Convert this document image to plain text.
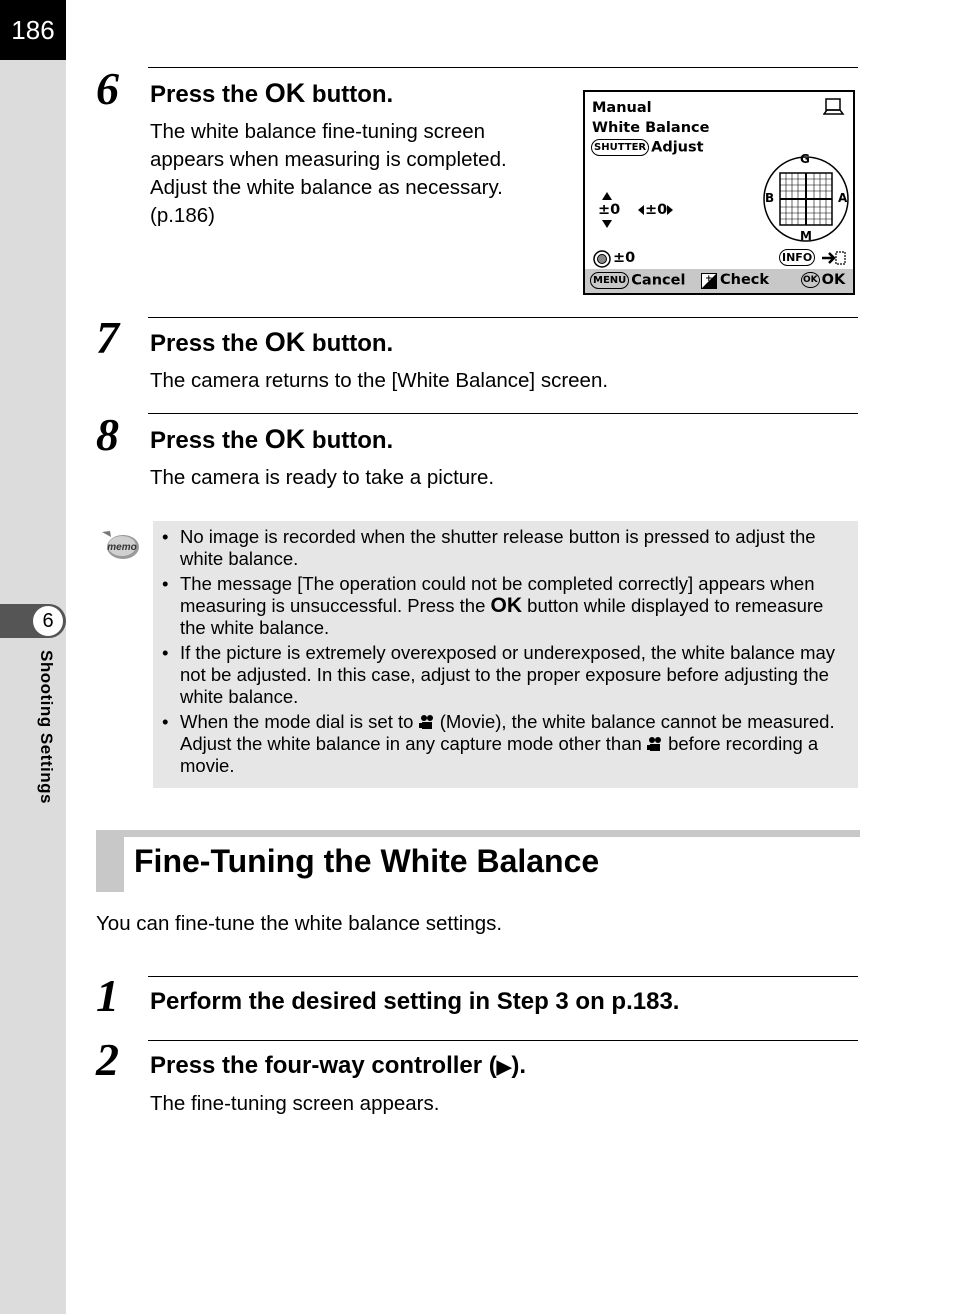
186
6
Shooting Settings
6 Press the OK button.
The white balance fine-tuning screen
appears when measuring is completed.
Adjust the white balance as necessary.
(p.186)
Manual
White Balance
SHUTTER Adjust
±0 ±0
G
M
B	A
±0	INFO
MENU Cancel + Check	OK OK
7 Press the OK button.
The camera returns to the [White Balance] screen.
8 Press the OK button.
The camera is ready to take a picture.
memo
• No image is recorded when the shutter release button is pressed to adjust the white balance.
• The message [The operation could not be completed correctly] appears when measuring is unsuccessful. Press the OK button while displayed to remeasure the white balance.
• If the picture is extremely overexposed or underexposed, the white balance may not be adjusted. In this case, adjust to the proper exposure before adjusting the white balance.
• When the mode dial is set to (Movie), the white balance cannot be measured. Adjust the white balance in any capture mode other than before recording a movie.
Fine-Tuning the White Balance
You can fine-tune the white balance settings.
1 Perform the desired setting in Step 3 on p.183.
2 Press the four-way controller (▶).
The fine-tuning screen appears.
